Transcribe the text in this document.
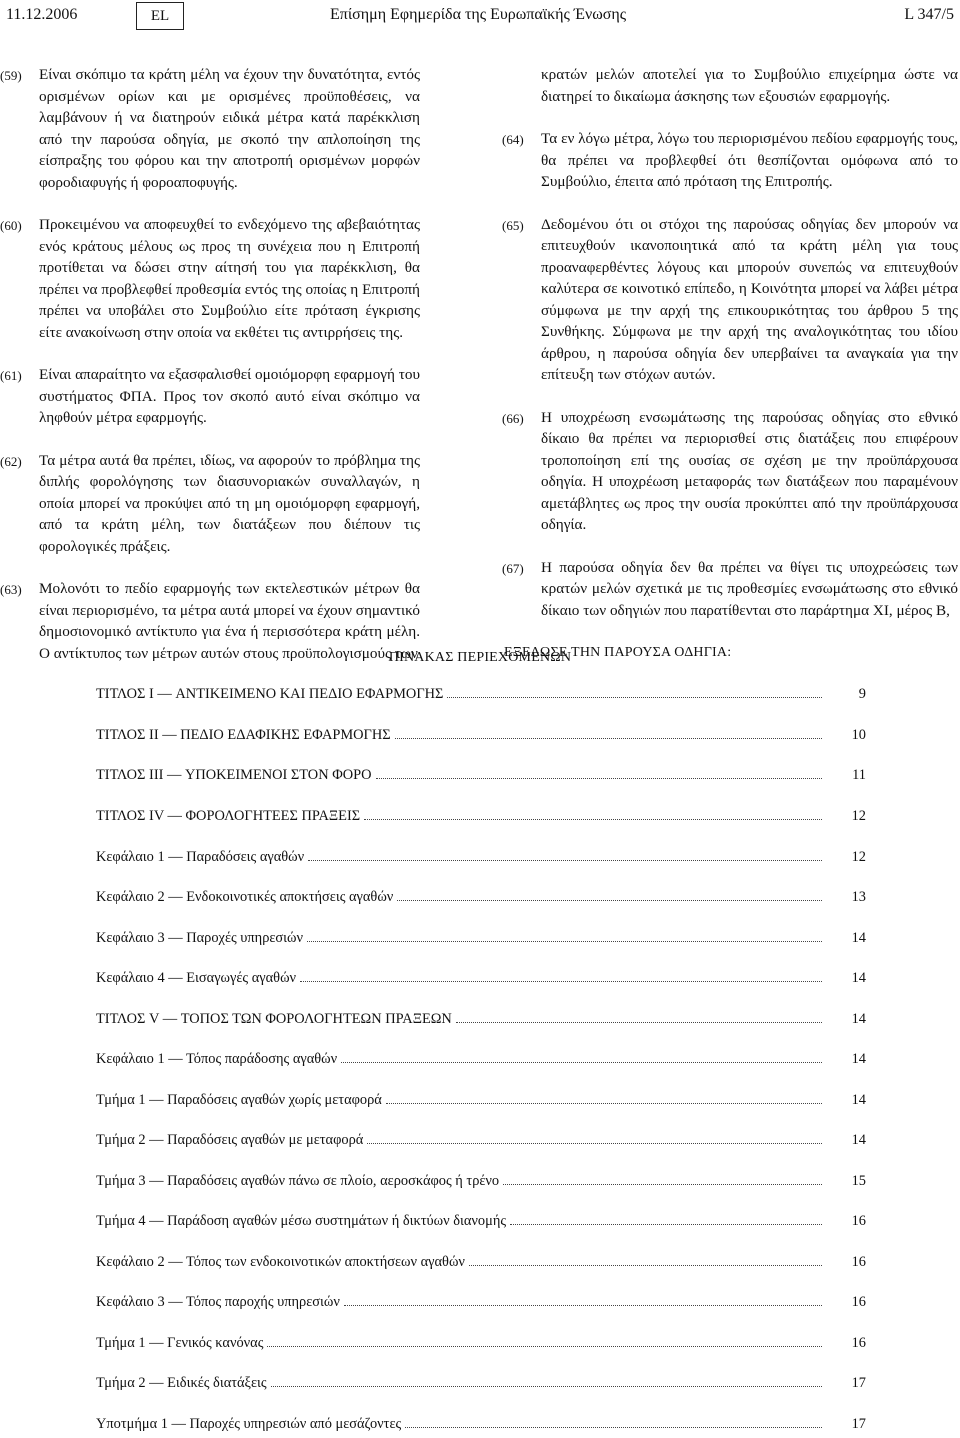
11.12.2006	EL	Επίσημη Εφημερίδα της Ευρωπαϊκής Ένωσης	L 347/5
(59)	Είναι σκόπιμο τα κράτη μέλη να έχουν την δυνατότητα, εντός ορισμένων ορίων και με ορισμένες προϋποθέσεις, να λαμβάνουν ή να διατηρούν ειδικά μέτρα κατά παρέκκλιση από την παρούσα οδηγία, με σκοπό την απλοποίηση της είσπραξης του φόρου και την αποτροπή ορισμένων μορφών φοροδιαφυγής ή φοροαποφυγής.
(60)	Προκειμένου να αποφευχθεί το ενδεχόμενο της αβεβαιότητας ενός κράτους μέλους ως προς τη συνέχεια που η Επιτροπή προτίθεται να δώσει στην αίτησή του για παρέκκλιση, θα πρέπει να προβλεφθεί προθεσμία εντός της οποίας η Επιτροπή πρέπει να υποβάλει στο Συμβούλιο είτε πρόταση έγκρισης είτε ανακοίνωση στην οποία να εκθέτει τις αντιρρήσεις της.
(61)	Είναι απαραίτητο να εξασφαλισθεί ομοιόμορφη εφαρμογή του συστήματος ΦΠΑ. Προς τον σκοπό αυτό είναι σκόπιμο να ληφθούν μέτρα εφαρμογής.
(62)	Τα μέτρα αυτά θα πρέπει, ιδίως, να αφορούν το πρόβλημα της διπλής φορολόγησης των διασυνοριακών συναλλαγών, η οποία μπορεί να προκύψει από τη μη ομοιόμορφη εφαρμογή, από τα κράτη μέλη, των διατάξεων που διέπουν τις φορολογικές πράξεις.
(63)	Μολονότι το πεδίο εφαρμογής των εκτελεστικών μέτρων θα είναι περιορισμένο, τα μέτρα αυτά μπορεί να έχουν σημαντικό δημοσιονομικό αντίκτυπο για ένα ή περισσότερα κράτη μέλη. Ο αντίκτυπος των μέτρων αυτών στους προϋπολογισμούς των
κρατών μελών αποτελεί για το Συμβούλιο επιχείρημα ώστε να διατηρεί το δικαίωμα άσκησης των εξουσιών εφαρμογής.
(64)	Τα εν λόγω μέτρα, λόγω του περιορισμένου πεδίου εφαρμογής τους, θα πρέπει να προβλεφθεί ότι θεσπίζονται ομόφωνα από το Συμβούλιο, έπειτα από πρόταση της Επιτροπής.
(65)	Δεδομένου ότι οι στόχοι της παρούσας οδηγίας δεν μπορούν να επιτευχθούν ικανοποιητικά από τα κράτη μέλη για τους προαναφερθέντες λόγους και μπορούν συνεπώς να επιτευχθούν καλύτερα σε κοινοτικό επίπεδο, η Κοινότητα μπορεί να λάβει μέτρα σύμφωνα με την αρχή της επικουρικότητας του άρθρου 5 της Συνθήκης. Σύμφωνα με την αρχή της αναλογικότητας του ιδίου άρθρου, η παρούσα οδηγία δεν υπερβαίνει τα αναγκαία για την επίτευξη των στόχων αυτών.
(66)	Η υποχρέωση ενσωμάτωσης της παρούσας οδηγίας στο εθνικό δίκαιο θα πρέπει να περιορισθεί στις διατάξεις που επιφέρουν τροποποίηση επί της ουσίας σε σχέση με την προϋπάρχουσα οδηγία. Η υποχρέωση μεταφοράς των διατάξεων που παραμένουν αμετάβλητες ως προς την ουσία προκύπτει από την προϋπάρχουσα οδηγία.
(67)	Η παρούσα οδηγία δεν θα πρέπει να θίγει τις υποχρεώσεις των κρατών μελών σχετικά με τις προθεσμίες ενσωμάτωσης στο εθνικό δίκαιο των οδηγιών που παρατίθενται στο παράρτημα ΧΙ, μέρος Β,
ΕΞΕΔΩΣΕ ΤΗΝ ΠΑΡΟΥΣΑ ΟΔΗΓΙΑ:
ΠΙΝΑΚΑΣ ΠΕΡΙΕΧΟΜΕΝΩΝ
ΤΙΤΛΟΣ I — ΑΝΤΙΚΕΙΜΕΝΟ ΚΑΙ ΠΕΔΙΟ ΕΦΑΡΜΟΓΗΣ	9
ΤΙΤΛΟΣ II — ΠΕΔΙΟ ΕΔΑΦΙΚΗΣ ΕΦΑΡΜΟΓΗΣ	10
ΤΙΤΛΟΣ III — ΥΠΟΚΕΙΜΕΝΟΙ ΣΤΟΝ ΦΟΡΟ	11
ΤΙΤΛΟΣ IV — ΦΟΡΟΛΟΓΗΤΕΕΣ ΠΡΑΞΕΙΣ	12
Κεφάλαιο 1 — Παραδόσεις αγαθών	12
Κεφάλαιο 2 — Ενδοκοινοτικές αποκτήσεις αγαθών	13
Κεφάλαιο 3 — Παροχές υπηρεσιών	14
Κεφάλαιο 4 — Εισαγωγές αγαθών	14
ΤΙΤΛΟΣ V — ΤΟΠΟΣ ΤΩΝ ΦΟΡΟΛΟΓΗΤΕΩΝ ΠΡΑΞΕΩΝ	14
Κεφάλαιο 1 — Τόπος παράδοσης αγαθών	14
Τμήμα 1 — Παραδόσεις αγαθών χωρίς μεταφορά	14
Τμήμα 2 — Παραδόσεις αγαθών με μεταφορά	14
Τμήμα 3 — Παραδόσεις αγαθών πάνω σε πλοίο, αεροσκάφος ή τρένο	15
Τμήμα 4 — Παράδοση αγαθών μέσω συστημάτων ή δικτύων διανομής	16
Κεφάλαιο 2 — Τόπος των ενδοκοινοτικών αποκτήσεων αγαθών	16
Κεφάλαιο 3 — Τόπος παροχής υπηρεσιών	16
Τμήμα 1 — Γενικός κανόνας	16
Τμήμα 2 — Ειδικές διατάξεις	17
Υποτμήμα 1 — Παροχές υπηρεσιών από μεσάζοντες	17
